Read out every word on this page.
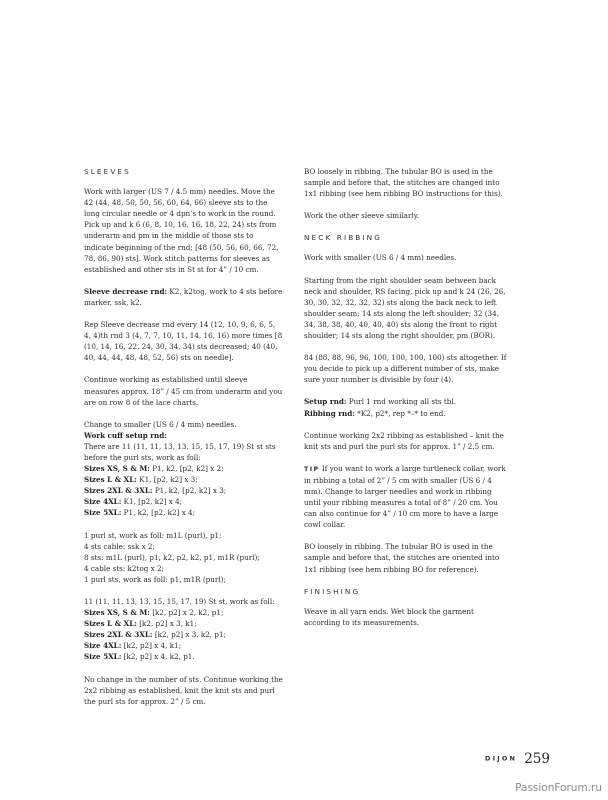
SLEEVES

Work with larger (US 7 / 4.5 mm) needles. Move the 42 (44, 48, 50, 50, 56, 60, 64, 66) sleeve sts to the long circular needle or 4 dpn’s to work in the round. Pick up and k 6 (6, 8, 10, 16, 16, 18, 22, 24) sts from underarm and pm in the middle of those sts to indicate beginning of the rnd; [48 (50, 56, 60, 66, 72, 78, 86, 90) sts]. Work stitch patterns for sleeves as established and other sts in St st for 4” / 10 cm.

Sleeve decrease rnd: K2, k2tog, work to 4 sts before marker, ssk, k2.

Rep Sleeve decrease rnd every 14 (12, 10, 9, 6, 6, 5, 4, 4)th rnd 3 (4, 7, 7, 10, 11, 14, 16, 16) more times [8 (10, 14, 16, 22, 24, 30, 34, 34) sts decreased; 40 (40, 40, 44, 44, 48, 48, 52, 56) sts on needle].

Continue working as established until sleeve measures approx. 18” / 45 cm from underarm and you are on row 8 of the lace charts.

Change to smaller (US 6 / 4 mm) needles.

Work cuff setup rnd:

There are 11 (11, 11, 13, 13, 15, 15, 17, 19) St st sts before the purl sts, work as foll:

Sizes XS, S & M: P1, k2, [p2, k2] x 2;

Sizes L & XL: K1, [p2, k2] x 3;

Sizes 2XL & 3XL: P1, k2, [p2, k2] x 3;

Size 4XL: K1, [p2, k2] x 4;

Size 5XL: P1, k2, [p2, k2] x 4;

1 purl st, work as foll: m1L (purl), p1;

4 sts cable: ssk x 2;

8 sts: m1L (purl), p1, k2, p2, k2, p1, m1R (purl);

4 cable sts: k2tog x 2;

1 purl sts, work as foll: p1, m1R (purl);

11 (11, 11, 13, 13, 15, 15, 17, 19) St st, work as foll:

Sizes XS, S & M: [k2, p2] x 2, k2, p1;

Sizes L & XL: [k2, p2] x 3, k1;

Sizes 2XL & 3XL: [k2, p2] x 3, k2, p1;

Size 4XL: [k2, p2] x 4, k1;

Size 5XL: [k2, p2] x 4, k2, p1.

No change in the number of sts. Continue working the 2x2 ribbing as established, knit the knit sts and purl the purl sts for approx. 2” / 5 cm.

BO loosely in ribbing. The tubular BO is used in the sample and before that, the stitches are changed into 1x1 ribbing (see hem ribbing BO instructions for this).

Work the other sleeve similarly.

NECK RIBBING

Work with smaller (US 6 / 4 mm) needles.

Starting from the right shoulder seam between back neck and shoulder, RS facing, pick up and k 24 (26, 26, 30, 30, 32, 32, 32, 32) sts along the back neck to left shoulder seam; 14 sts along the left shoulder; 32 (34, 34, 38, 38, 40, 40, 40, 40) sts along the front to right shoulder; 14 sts along the right shoulder, pm (BOR).

84 (88, 88, 96, 96, 100, 100, 100, 100) sts altogether. If you decide to pick up a different number of sts, make sure your number is divisible by four (4).

Setup rnd: Purl 1 rnd working all sts tbl.

Ribbing rnd: *K2, p2*, rep *–* to end.

Continue working 2x2 ribbing as established – knit the knit sts and purl the purl sts for approx. 1” / 2.5 cm.

TIP If you want to work a large turtleneck collar, work in ribbing a total of 2” / 5 cm with smaller (US 6 / 4 mm). Change to larger needles and work in ribbing until your ribbing measures a total of 8” / 20 cm. You can also continue for 4” / 10 cm more to have a large cowl collar.

BO loosely in ribbing. The tubular BO is used in the sample and before that, the stitches are oriented into 1x1 ribbing (see hem ribbing BO for reference).

FINISHING

Weave in all yarn ends. Wet block the garment according to its measurements.

DIJON 259
PassionForum.ru
